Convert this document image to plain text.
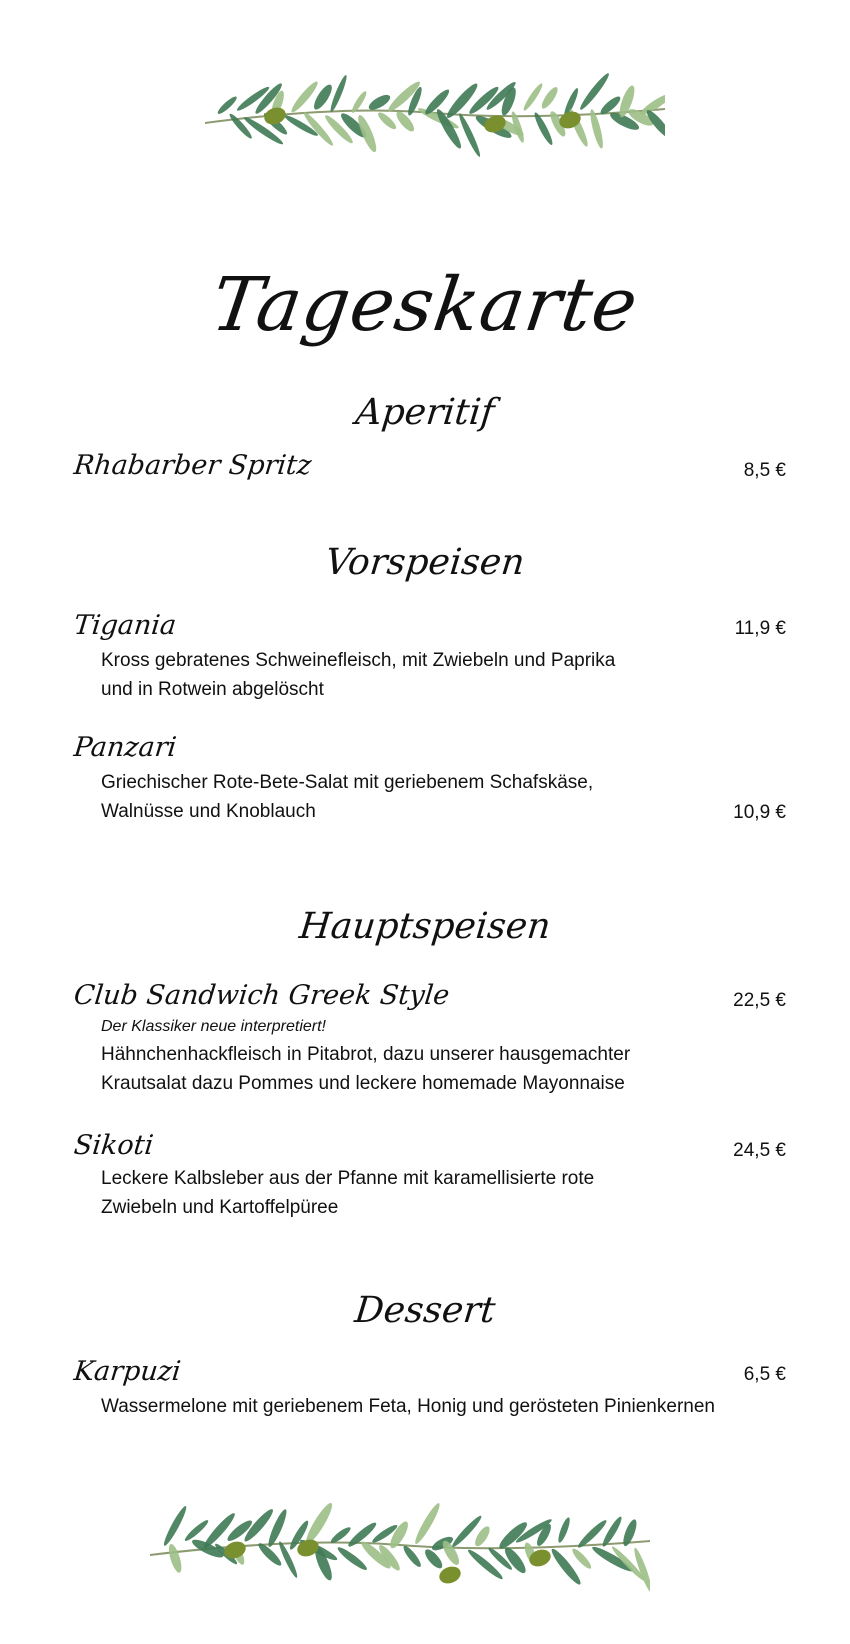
Tageskarte
Aperitif
Rhabarber Spritz	8,5 €
Vorspeisen
Tigania	11,9 €
Kross gebratenes Schweinefleisch, mit Zwiebeln und Paprika
und in Rotwein abgelöscht
Panzari
Griechischer Rote-Bete-Salat mit geriebenem Schafskäse,
Walnüsse und Knoblauch	10,9 €
Hauptspeisen
Club Sandwich Greek Style	22,5 €
Der Klassiker neue interpretiert!
Hähnchenhackfleisch in Pitabrot, dazu unserer hausgemachter
Krautsalat dazu Pommes und leckere homemade Mayonnaise
Sikoti	24,5 €
Leckere Kalbsleber aus der Pfanne mit karamellisierte rote
Zwiebeln und Kartoffelpüree
Dessert
Karpuzi	6,5 €
Wassermelone mit geriebenem Feta, Honig und gerösteten Pinienkernen
